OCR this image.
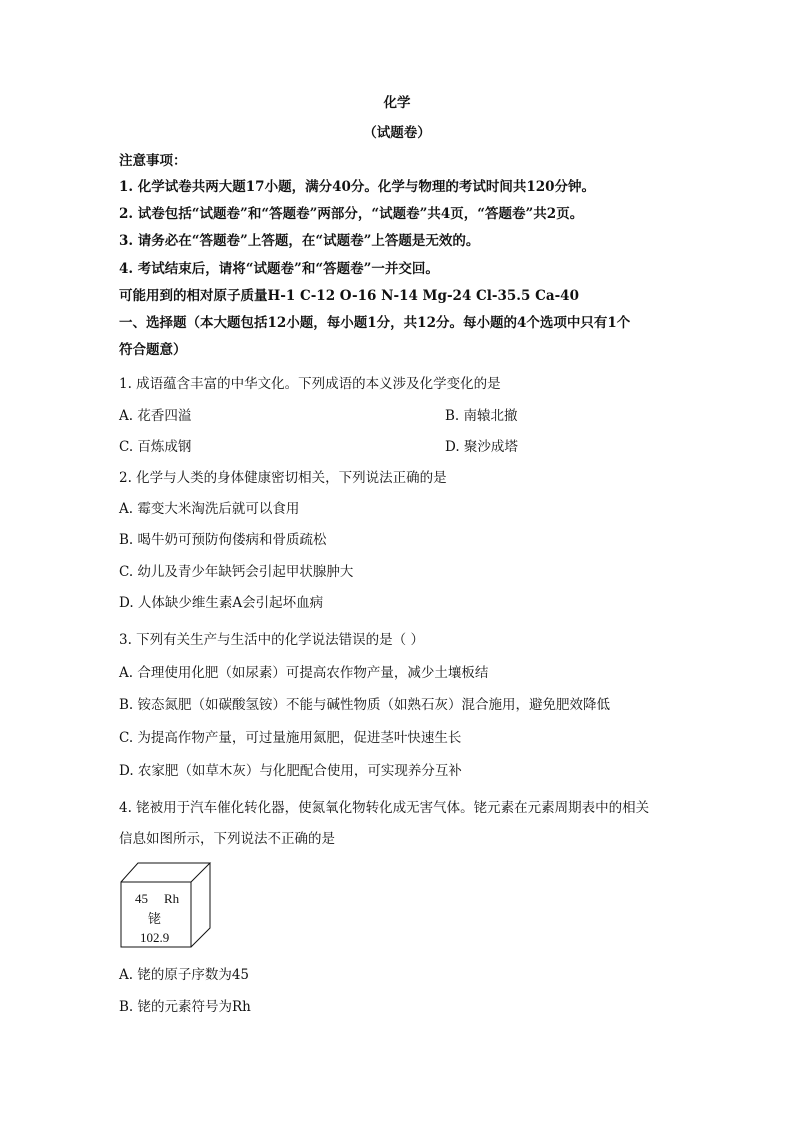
化学
（试题卷）
注意事项：
1. 化学试卷共两大题17小题，满分40分。化学与物理的考试时间共120分钟。
2. 试卷包括“试题卷”和“答题卷”两部分，“试题卷”共4页，“答题卷”共2页。
3. 请务必在“答题卷”上答题，在“试题卷”上答题是无效的。
4. 考试结束后，请将“试题卷”和“答题卷”一并交回。
可能用到的相对原子质量H-1 C-12 O-16 N-14 Mg-24 Cl-35.5 Ca-40
一、选择题（本大题包括12小题，每小题1分，共12分。每小题的4个选项中只有1个
符合题意）
1. 成语蕴含丰富的中华文化。下列成语的本义涉及化学变化的是
A. 花香四溢	B. 南辕北撤
C. 百炼成钢	D. 聚沙成塔
2. 化学与人类的身体健康密切相关，下列说法正确的是
A. 霉变大米淘洗后就可以食用
B. 喝牛奶可预防佝偻病和骨质疏松
C. 幼儿及青少年缺钙会引起甲状腺肿大
D. 人体缺少维生素A会引起坏血病
3. 下列有关生产与生活中的化学说法错误的是（ ）
A. 合理使用化肥（如尿素）可提高农作物产量，减少土壤板结
B. 铵态氮肥（如碳酸氢铵）不能与碱性物质（如熟石灰）混合施用，避免肥效降低
C. 为提高作物产量，可过量施用氮肥，促进茎叶快速生长
D. 农家肥（如草木灰）与化肥配合使用，可实现养分互补
4. 铑被用于汽车催化转化器，使氮氧化物转化成无害气体。铑元素在元素周期表中的相关
信息如图所示，下列说法不正确的是
45 Rh
铑
102.9
A. 铑的原子序数为45
B. 铑的元素符号为Rh
